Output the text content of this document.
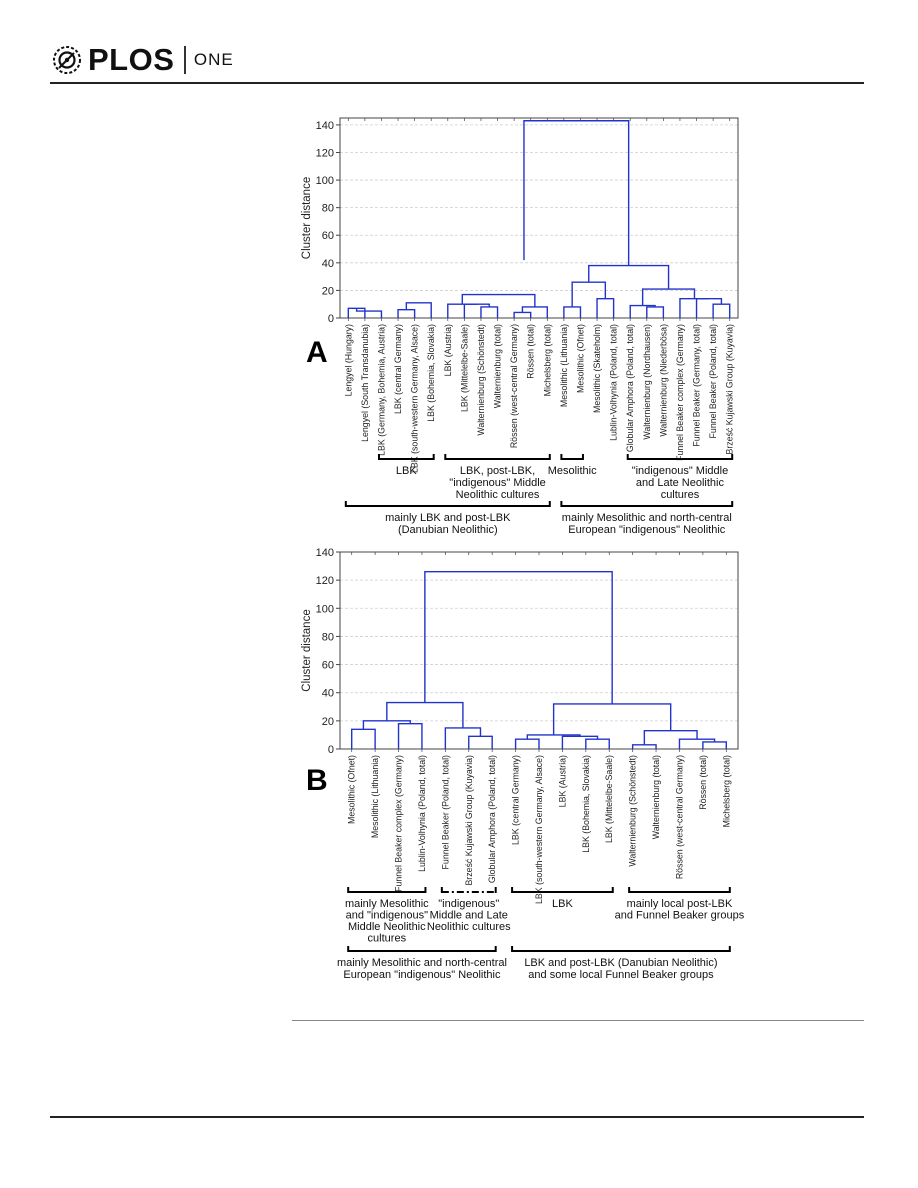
PLOS ONE
0
20
40
60
80
100
120
140
Cluster distance
Lengyel (Hungary) Lengyel (South Transdanubia) LBK (Germany, Bohemia, Austria) LBK (central Germany) LBK (south-western Germany, Alsace) LBK (Bohemia, Slovakia) LBK (Austria) LBK (Mittelelbe-Saale) Walternienburg (Schönstedt) Walternienburg (total) Rössen (west-central Germany) Rössen (total) Michelsberg (total) Mesolithic (Lithuania) Mesolithic (Ofnet) Mesolithic (Skateholm) Lublin-Volhynia (Poland, total) Globular Amphora (Poland, total) Walternienburg (Nordhausen) Walternienburg (Niederbösa) Funnel Beaker complex (Germany) Funnel Beaker (Germany, total) Funnel Beaker (Poland, total) Brześć Kujawski Group (Kuyavia)
A
LBK	LBK, post-LBK,
"indigenous" Middle
Neolithic cultures
Mesolithic	"indigenous" Middle
and Late Neolithic
cultures
mainly LBK and post-LBK
(Danubian Neolithic)
mainly Mesolithic and north-central
European "indigenous" Neolithic
0
20
40
60
80
100
120
140
Cluster distance
Mesolithic (Ofnet) Mesolithic (Lithuania) Funnel Beaker complex (Germany) Lublin-Volhynia (Poland, total) Funnel Beaker (Poland, total) Brześć Kujawski Group (Kuyavia) Globular Amphora (Poland, total) LBK (central Germany) LBK (south-western Germany, Alsace) LBK (Austria) LBK (Bohemia, Slovakia) LBK (Mittelelbe-Saale) Walternienburg (Schönstedt) Walternienburg (total) Rössen (west-central Germany) Rössen (total) Michelsberg (total)
B
mainly Mesolithic
and "indigenous"
Middle Neolithic
cultures
"indigenous"
Middle and Late
Neolithic cultures
LBK	mainly local post-LBK
and Funnel Beaker groups
mainly Mesolithic and north-central
European "indigenous" Neolithic
LBK and post-LBK (Danubian Neolithic)
and some local Funnel Beaker groups
